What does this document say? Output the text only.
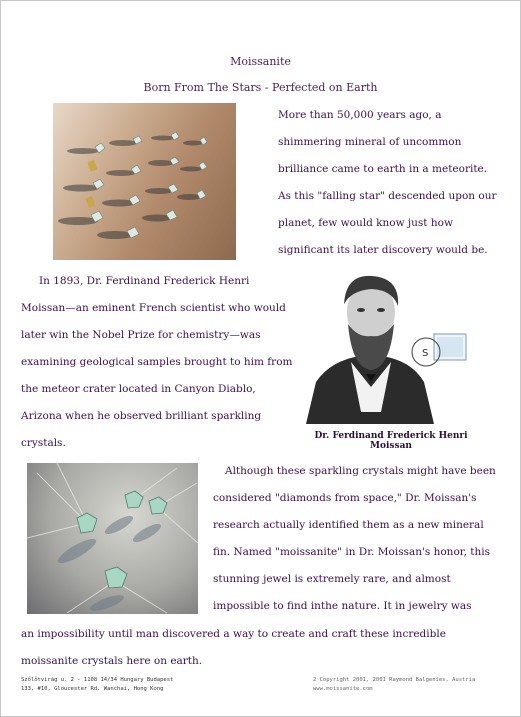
Moissanite
Born From The Stars - Perfected on Earth

More than 50,000 years ago, a shimmering mineral of uncommon brilliance came to earth in a meteorite. As this "falling star" descended upon our planet, few would know just how significant its later discovery would be.

In 1893, Dr. Ferdinand Frederick Henri Moissan—an eminent French scientist who would later win the Nobel Prize for chemistry—was examining geological samples brought to him from the meteor crater located in Canyon Diablo, Arizona when he observed brilliant sparkling crystals.

S
Dr. Ferdinand Frederick Henri Moissan

Although these sparkling crystals might have been considered "diamonds from space," Dr. Moissan's research actually identified them as a new mineral fin. Named "moissanite" in Dr. Moissan's honor, this stunning jewel is extremely rare, and almost impossible to find inthe nature. It in jewelry was

an impossibility until man discovered a way to create and craft these incredible moissanite crystals here on earth.

Szőlőtvirág u. 2 - 1108 14/34 Hungary Budapest
133, #10, Gloucester Rd. Wanchai, Hong Kong
2 Copyright 2001, 2001 Raymond Balgenies, Austria
www.moissanite.com
